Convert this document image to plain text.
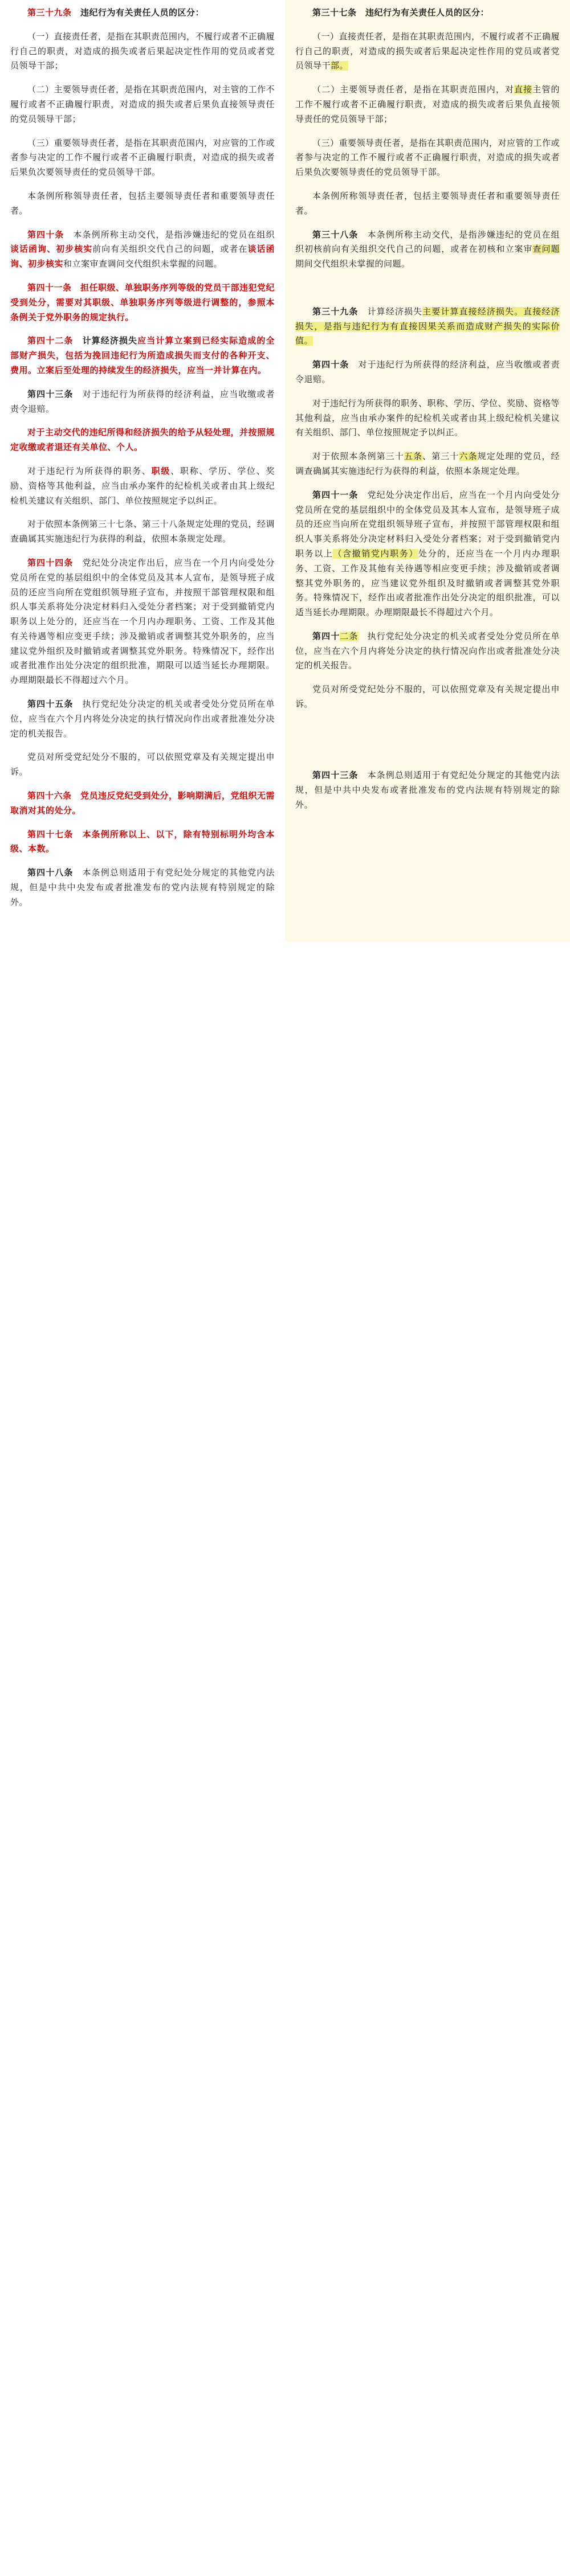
第三十九条　违纪行为有关责任人员的区分：

（一）直接责任者，是指在其职责范围内，不履行或者不正确履行自己的职责，对造成的损失或者后果起决定性作用的党员或者党员领导干部；

（二）主要领导责任者，是指在其职责范围内，对主管的工作不履行或者不正确履行职责，对造成的损失或者后果负直接领导责任的党员领导干部；

（三）重要领导责任者，是指在其职责范围内，对应管的工作或者参与决定的工作不履行或者不正确履行职责，对造成的损失或者后果负次要领导责任的党员领导干部。

本条例所称领导责任者，包括主要领导责任者和重要领导责任者。

第四十条　本条例所称主动交代，是指涉嫌违纪的党员在组织谈话函询、初步核实前向有关组织交代自己的问题，或者在谈话函询、初步核实和立案审查调问交代组织未掌握的问题。

第四十一条　担任职级、单独职务序列等级的党员干部违犯党纪受到处分，需要对其职级、单独职务序列等级进行调整的，参照本条例关于党外职务的规定执行。

第四十二条　计算经济损失应当计算立案到已经实际造成的全部财产损失，包括为挽回违纪行为所造成损失而支付的各种开支、费用。立案后至处理的持续发生的经济损失，应当一并计算在内。

第四十三条　对于违纪行为所获得的经济利益，应当收缴或者责令退赔。

对于主动交代的违纪所得和经济损失的给予从轻处理，并按照规定收缴或者退还有关单位、个人。

对于违纪行为所获得的职务、职级、职称、学历、学位、奖励、资格等其他利益，应当由承办案件的纪检机关或者由其上级纪检机关建议有关组织、部门、单位按照规定予以纠正。

对于依照本条例第三十七条、第三十八条规定处理的党员，经调查确属其实施违纪行为获得的利益，依照本条规定处理。

第四十四条　党纪处分决定作出后，应当在一个月内向受处分党员所在党的基层组织中的全体党员及其本人宣布，是领导班子成员的还应当向所在党组织领导班子宣布，并按照干部管理权限和组织人事关系将处分决定材料归入受处分者档案；对于受到撤销党内职务以上处分的，还应当在一个月内办理职务、工资、工作及其他有关待遇等相应变更手续；涉及撤销或者调整其党外职务的，应当建议党外组织及时撤销或者调整其党外职务。特殊情况下，经作出或者批准作出处分决定的组织批准，期限可以适当延长办理期限。办理期限最长不得超过六个月。

第四十五条　执行党纪处分决定的机关或者受处分党员所在单位，应当在六个月内将处分决定的执行情况向作出或者批准处分决定的机关报告。

党员对所受党纪处分不服的，可以依照党章及有关规定提出申诉。

第四十六条　党员违反党纪受到处分，影响期满后，党组织无需取消对其的处分。

第四十七条　本条例所称以上、以下，除有特别标明外均含本级、本数。

第四十八条　本条例总则适用于有党纪处分规定的其他党内法规，但是中共中央发布或者批准发布的党内法规有特别规定的除外。

第三十七条　违纪行为有关责任人员的区分：

（一）直接责任者，是指在其职责范围内，不履行或者不正确履行自己的职责，对造成的损失或者后果起决定性作用的党员或者党员领导干部。

（二）主要领导责任者，是指在其职责范围内，对直接主管的工作不履行或者不正确履行职责，对造成的损失或者后果负直接领导责任的党员领导干部；

（三）重要领导责任者，是指在其职责范围内，对应管的工作或者参与决定的工作不履行或者不正确履行职责，对造成的损失或者后果负次要领导责任的党员领导干部。

本条例所称领导责任者，包括主要领导责任者和重要领导责任者。

第三十八条　本条例所称主动交代，是指涉嫌违纪的党员在组织初核前向有关组织交代自己的问题，或者在初核和立案审查问题期间交代组织未掌握的问题。

第三十九条　计算经济损失主要计算直接经济损失。直接经济损失，是指与违纪行为有直接因果关系而造成财产损失的实际价值。

第四十条　对于违纪行为所获得的经济利益，应当收缴或者责令退赔。

对于违纪行为所获得的职务、职称、学历、学位、奖励、资格等其他利益，应当由承办案件的纪检机关或者由其上级纪检机关建议有关组织、部门、单位按照规定予以纠正。

对于依照本条例第三十五条、第三十六条规定处理的党员，经调查确属其实施违纪行为获得的利益，依照本条规定处理。

第四十一条　党纪处分决定作出后，应当在一个月内向受处分党员所在党的基层组织中的全体党员及其本人宣布，是领导班子成员的还应当向所在党组织领导班子宣布，并按照干部管理权限和组织人事关系将处分决定材料归入受处分者档案；对于受到撤销党内职务以上（含撤销党内职务）处分的，还应当在一个月内办理职务、工资、工作及其他有关待遇等相应变更手续；涉及撤销或者调整其党外职务的，应当建议党外组织及时撤销或者调整其党外职务。特殊情况下，经作出或者批准作出处分决定的组织批准，可以适当延长办理期限。办理期限最长不得超过六个月。

第四十二条　执行党纪处分决定的机关或者受处分党员所在单位，应当在六个月内将处分决定的执行情况向作出或者批准处分决定的机关报告。

党员对所受党纪处分不服的，可以依照党章及有关规定提出申诉。

第四十三条　本条例总则适用于有党纪处分规定的其他党内法规，但是中共中央发布或者批准发布的党内法规有特别规定的除外。
